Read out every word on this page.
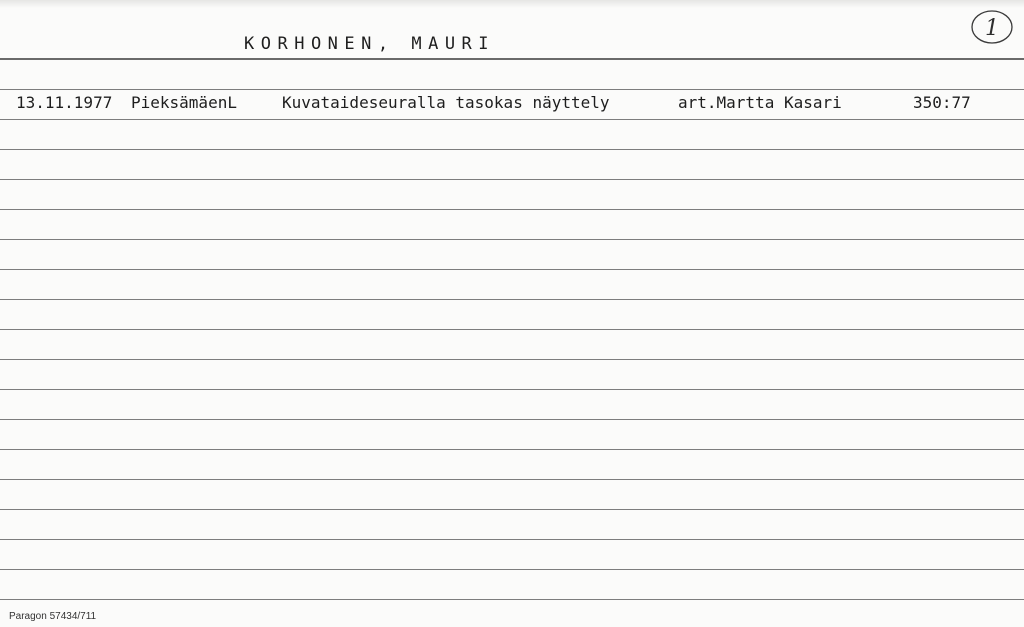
KORHONEN, MAURI
1
13.11.1977 PieksämäenL	Kuvataideseuralla tasokas näyttely	art.Martta Kasari	350:77
Paragon 57434/711
